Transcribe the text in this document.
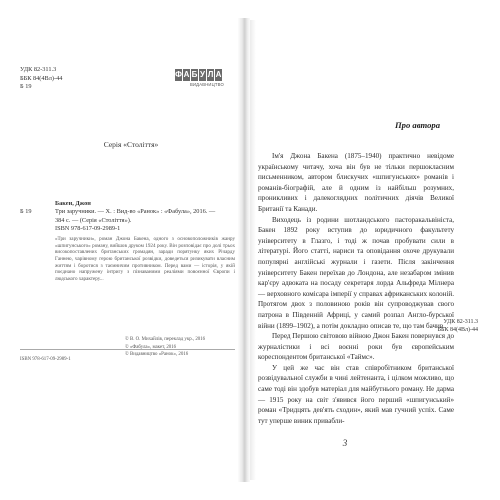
УДК 82-311.3
ББК 84(4Вл)-44
Б 19
Ф А Б У Л А
ВИДАВНИЦТВО
Серія «Століття»
Бакен, Джон
Б 19	Три заручники. — Х. : Вид-во «Ранок» : «Фабула», 2016. —
384 с. — (Серія «Століття»).
ISBN 978-617-09-2989-1
«Три заручники», роман Джона Бакена, одного з основоположників жанру «шпигунського» роману, вийшов друком 1924 року. Він розповідає про долі трьох високопоставлених британських громадян, заради порятунку яких Річарду Ганнею, чарівному герою британської розвідки, доведеться ризикувати власним життям і боротися з таємничим противником. Перед вами — історія, у якій поєднано напружену інтригу з пізнаваними реаліями повоєнної Європи і людського характеру...
УДК 82-311.3
ББК 84(4Вл)-44
© В. О. Михайлів, переклад укр., 2016
© «Фабула», макет, 2016
© Видавництво «Ранок», 2016
ISBN 978-617-09-2989-1
Про автора

Ім'я Джона Бакена (1875–1940) практично невідоме українському читачу, хоча він був не тільки першокласним письменником, автором блискучих «шпигунських» романів і романів-біографій, але й одним із найбільш розумних, проникливих і далекоглядних політичних діячів Великої Британії та Канади.

Виходець із родини шотландського пасторакальвініста, Бакен 1892 року вступив до юридичного факультету університету в Глазго, і тоді ж почав пробувати сили в літературі. Його статті, нариси та оповідання охоче друкували популярні англійські журнали і газети. Після закінчення університету Бакен переїхав до Лондона, але незабаром змінив кар'єру адвоката на посаду секретаря лорда Альфреда Мілнера — верховного комісара імперії у справах африканських колоній. Протягом двох з половиною років він супроводжував свого патрона в Південній Африці, у самий розпал Англо-бурської війни (1899–1902), а потім докладно описав те, що там бачив.

Перед Першою світовою війною Джон Бакен повернувся до журналістики і всі воєнні роки був європейським кореспондентом британської «Таймс».

У цей же час він став співробітником британської розвідувальної служби в чині лейтенанта, і цілком можливо, що саме тоді він здобув матеріал для майбутнього роману. Не дарма — 1915 року на світ з'явився його перший «шпигунський» роман «Тридцять дев'ять сходин», який мав гучний успіх. Саме тут уперше виник привабли-

3
